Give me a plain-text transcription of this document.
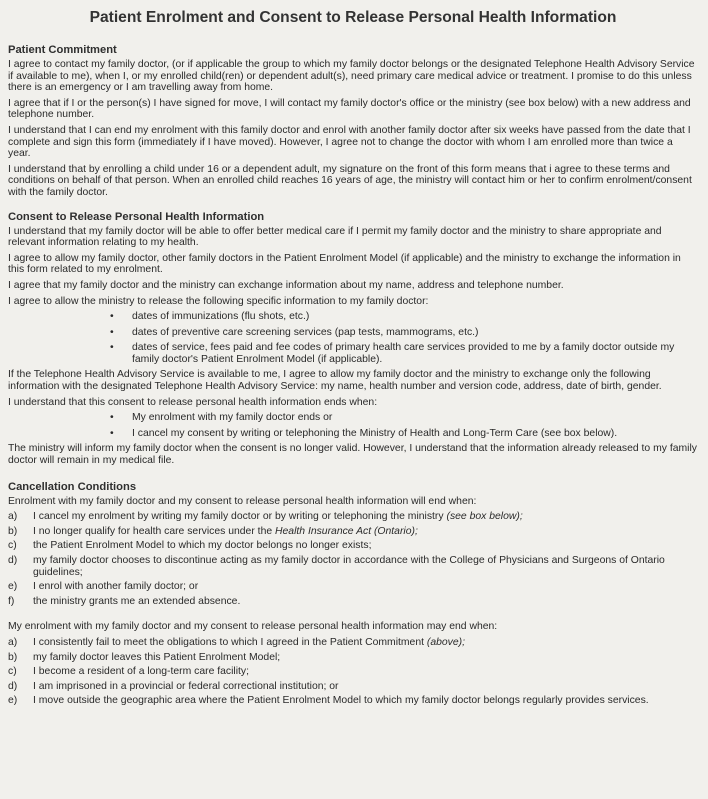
Patient Enrolment and Consent to Release Personal Health Information
Patient Commitment

I agree to contact my family doctor, (or if applicable the group to which my family doctor belongs or the designated Telephone Health Advisory Service if available to me), when I, or my enrolled child(ren) or dependent adult(s), need primary care medical advice or treatment. I promise to do this unless there is an emergency or I am travelling away from home.

I agree that if I or the person(s) I have signed for move, I will contact my family doctor's office or the ministry (see box below) with a new address and telephone number.

I understand that I can end my enrolment with this family doctor and enrol with another family doctor after six weeks have passed from the date that I complete and sign this form (immediately if I have moved). However, I agree not to change the doctor with whom I am enrolled more than twice a year.

I understand that by enrolling a child under 16 or a dependent adult, my signature on the front of this form means that i agree to these terms and conditions on behalf of that person. When an enrolled child reaches 16 years of age, the ministry will contact him or her to confirm enrolment/consent with the family doctor.

Consent to Release Personal Health Information

I understand that my family doctor will be able to offer better medical care if I permit my family doctor and the ministry to share appropriate and relevant information relating to my health.

I agree to allow my family doctor, other family doctors in the Patient Enrolment Model (if applicable) and the ministry to exchange the information in this form related to my enrolment.

I agree that my family doctor and the ministry can exchange information about my name, address and telephone number.

I agree to allow the ministry to release the following specific information to my family doctor:

• dates of immunizations (flu shots, etc.)
• dates of preventive care screening services (pap tests, mammograms, etc.)
• dates of service, fees paid and fee codes of primary health care services provided to me by a family doctor outside my family doctor's Patient Enrolment Model (if applicable).

If the Telephone Health Advisory Service is available to me, I agree to allow my family doctor and the ministry to exchange only the following information with the designated Telephone Health Advisory Service: my name, health number and version code, address, date of birth, gender.

I understand that this consent to release personal health information ends when:

• My enrolment with my family doctor ends or
• I cancel my consent by writing or telephoning the Ministry of Health and Long-Term Care (see box below).

The ministry will inform my family doctor when the consent is no longer valid. However, I understand that the information already released to my family doctor will remain in my medical file.

Cancellation Conditions

Enrolment with my family doctor and my consent to release personal health information will end when:

a) I cancel my enrolment by writing my family doctor or by writing or telephoning the ministry (see box below);
b) I no longer qualify for health care services under the Health Insurance Act (Ontario);
c) the Patient Enrolment Model to which my doctor belongs no longer exists;
d) my family doctor chooses to discontinue acting as my family doctor in accordance with the College of Physicians and Surgeons of Ontario guidelines;
e) I enrol with another family doctor; or
f) the ministry grants me an extended absence.

My enrolment with my family doctor and my consent to release personal health information may end when:

a) I consistently fail to meet the obligations to which I agreed in the Patient Commitment (above);
b) my family doctor leaves this Patient Enrolment Model;
c) I become a resident of a long-term care facility;
d) I am imprisoned in a provincial or federal correctional institution; or
e) I move outside the geographic area where the Patient Enrolment Model to which my family doctor belongs regularly provides services.
